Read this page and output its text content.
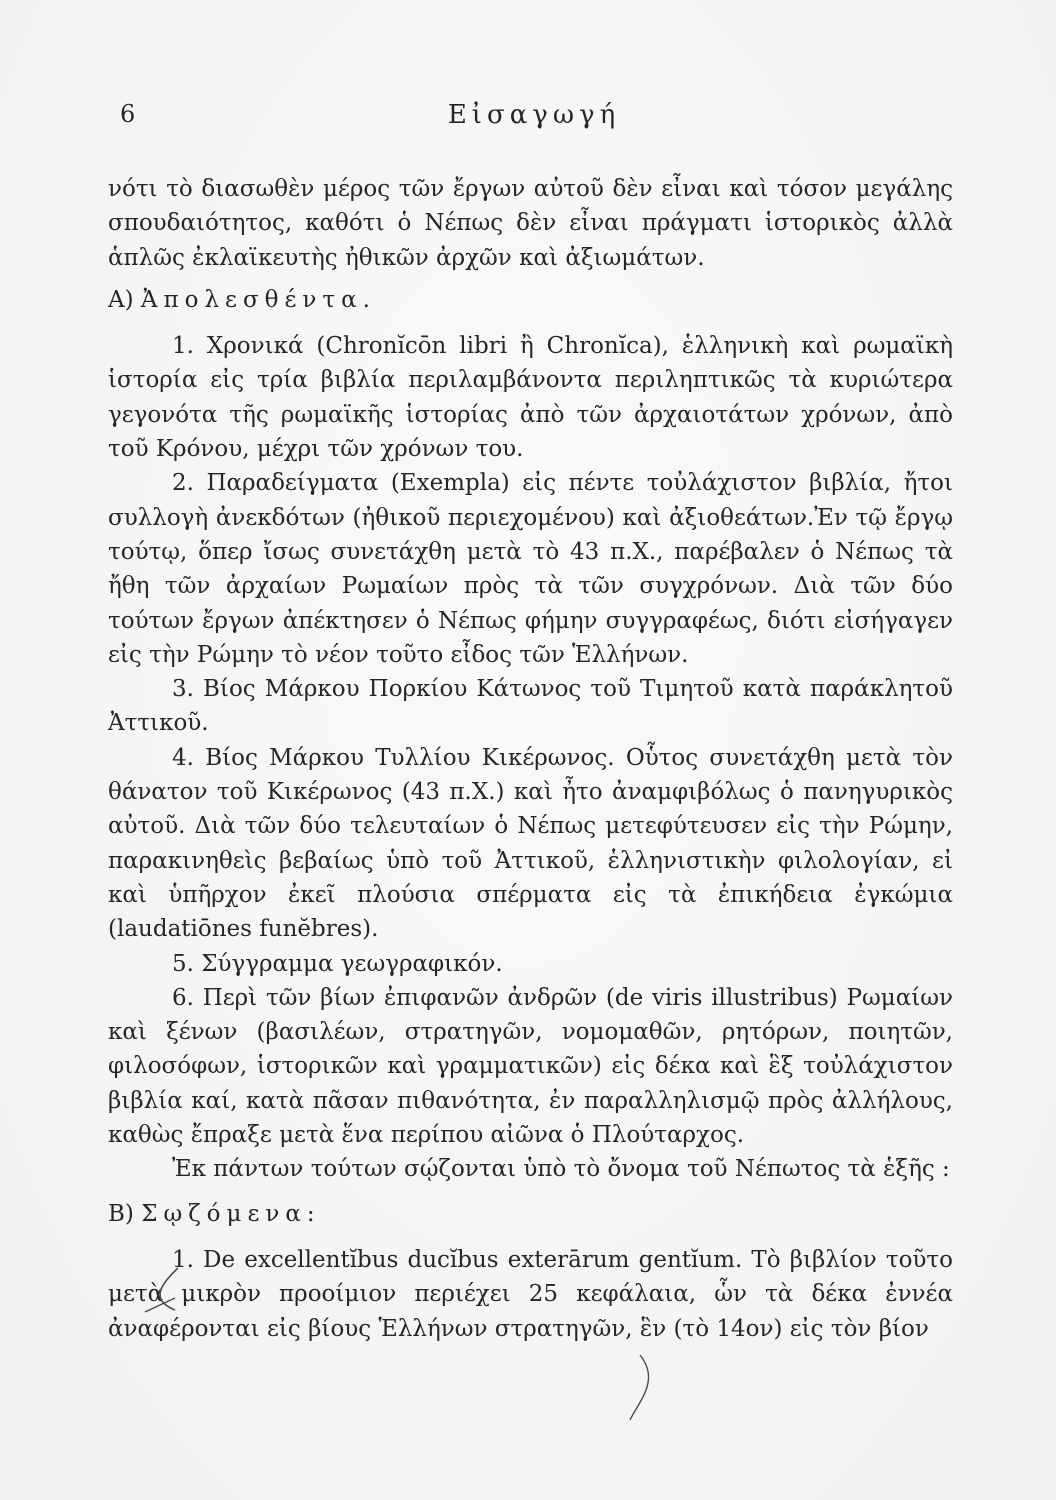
6	Εἰσαγωγή

νότι τὸ διασωθὲν μέρος τῶν ἔργων αὐτοῦ δὲν εἶναι καὶ τόσον μεγάλης σπουδαιότητος, καθότι ὁ Νέπως δὲν εἶναι πράγματι ἱστορικὸς ἀλλὰ ἁπλῶς ἐκλαϊκευτὴς ἠθικῶν ἀρχῶν καὶ ἀξιωμάτων.

A) Ἀπολεσθέντα.

1. Χρονικά (Chronĭcōn libri ἢ Chronĭca), ἑλληνικὴ καὶ ρωμαϊκὴ ἱστορία εἰς τρία βιβλία περιλαμβάνοντα περιληπτικῶς τὰ κυριώτερα γεγονότα τῆς ρωμαϊκῆς ἱστορίας ἀπὸ τῶν ἀρχαιοτάτων χρόνων, ἀπὸ τοῦ Κρόνου, μέχρι τῶν χρόνων του.

2. Παραδείγματα (Exempla) εἰς πέντε τοὐλάχιστον βιβλία, ἤτοι συλλογὴ ἀνεκδότων (ἠθικοῦ περιεχομένου) καὶ ἀξιοθεάτων.Ἐν τῷ ἔργῳ τούτῳ, ὅπερ ἴσως συνετάχθη μετὰ τὸ 43 π.Χ., παρέβαλεν ὁ Νέπως τὰ ἤθη τῶν ἀρχαίων Ρωμαίων πρὸς τὰ τῶν συγχρόνων. Διὰ τῶν δύο τούτων ἔργων ἀπέκτησεν ὁ Νέπως φήμην συγγραφέως, διότι εἰσήγαγεν εἰς τὴν Ρώμην τὸ νέον τοῦτο εἶδος τῶν Ἑλλήνων.

3. Βίος Μάρκου Πορκίου Κάτωνος τοῦ Τιμητοῦ κατὰ παράκλητοῦ Ἀττικοῦ.

4. Βίος Μάρκου Τυλλίου Κικέρωνος. Οὗτος συνετάχθη μετὰ τὸν θάνατον τοῦ Κικέρωνος (43 π.Χ.) καὶ ἦτο ἀναμφιβόλως ὁ πανηγυρικὸς αὐτοῦ. Διὰ τῶν δύο τελευταίων ὁ Νέπως μετεφύτευσεν εἰς τὴν Ρώμην, παρακινηθεὶς βεβαίως ὑπὸ τοῦ Ἀττικοῦ, ἑλληνιστικὴν φιλολογίαν, εἰ καὶ ὑπῆρχον ἐκεῖ πλούσια σπέρματα εἰς τὰ ἐπικήδεια ἐγκώμια (laudatiōnes funĕbres).

5. Σύγγραμμα γεωγραφικόν.

6. Περὶ τῶν βίων ἐπιφανῶν ἀνδρῶν (de viris illustribus) Ρωμαίων καὶ ξένων (βασιλέων, στρατηγῶν, νομομαθῶν, ρητόρων, ποιητῶν, φιλοσόφων, ἱστορικῶν καὶ γραμματικῶν) εἰς δέκα καὶ ἓξ τοὐλάχιστον βιβλία καί, κατὰ πᾶσαν πιθανότητα, ἐν παραλληλισμῷ πρὸς ἀλλήλους, καθὼς ἔπραξε μετὰ ἕνα περίπου αἰῶνα ὁ Πλούταρχος.

Ἐκ πάντων τούτων σῴζονται ὑπὸ τὸ ὄνομα τοῦ Νέπωτος τὰ ἑξῆς :

B) Σῳζόμενα:

1. De excellentĭbus ducĭbus exterārum gentĭum. Τὸ βιβλίον τοῦτο μετὰ μικρὸν προοίμιον περιέχει 25 κεφάλαια, ὧν τὰ δέκα ἐννέα ἀναφέρονται εἰς βίους Ἑλλήνων στρατηγῶν, ἓν (τὸ 14ον) εἰς τὸν βίον
